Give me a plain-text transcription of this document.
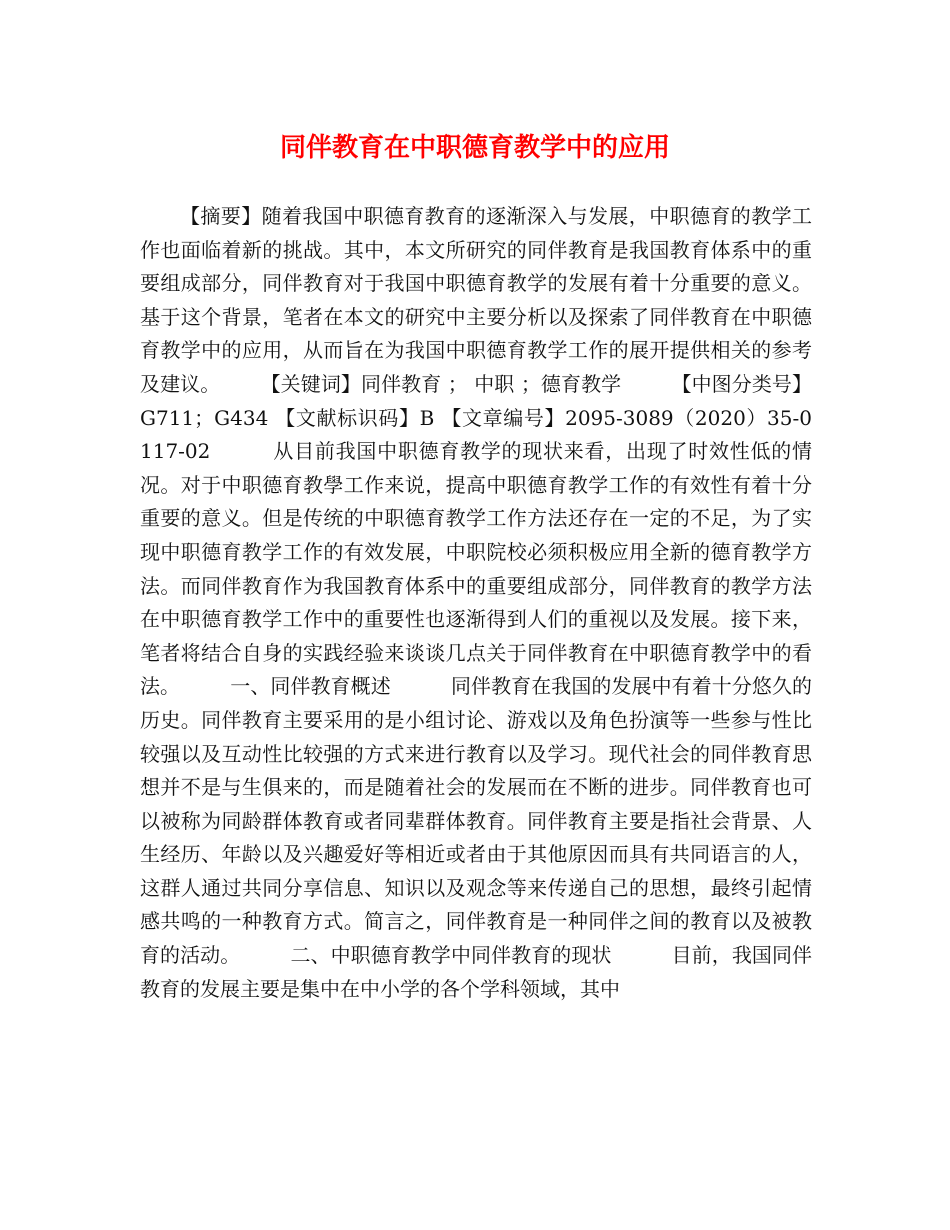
同伴教育在中职德育教学中的应用

【摘要】随着我国中职德育教育的逐渐深入与发展，中职德育的教学工作也面临着新的挑战。其中，本文所研究的同伴教育是我国教育体系中的重要组成部分，同伴教育对于我国中职德育教学的发展有着十分重要的意义。基于这个背景，笔者在本文的研究中主要分析以及探索了同伴教育在中职德育教学中的应用，从而旨在为我国中职德育教学工作的展开提供相关的参考及建议。　　　【关键词】同伴教育 ； 中职 ；德育教学　　　【中图分类号】G711；G434 【文献标识码】B 【文章编号】2095-3089（2020）35-0117-02　　　从目前我国中职德育教学的现状来看，出现了时效性低的情况。对于中职德育教學工作来说，提高中职德育教学工作的有效性有着十分重要的意义。但是传统的中职德育教学工作方法还存在一定的不足，为了实现中职德育教学工作的有效发展，中职院校必须积极应用全新的德育教学方法。而同伴教育作为我国教育体系中的重要组成部分，同伴教育的教学方法在中职德育教学工作中的重要性也逐渐得到人们的重视以及发展。接下来，笔者将结合自身的实践经验来谈谈几点关于同伴教育在中职德育教学中的看法。　　　一、同伴教育概述　　　同伴教育在我国的发展中有着十分悠久的历史。同伴教育主要采用的是小组讨论、游戏以及角色扮演等一些参与性比较强以及互动性比较强的方式来进行教育以及学习。现代社会的同伴教育思想并不是与生俱来的，而是随着社会的发展而在不断的进步。同伴教育也可以被称为同龄群体教育或者同辈群体教育。同伴教育主要是指社会背景、人生经历、年龄以及兴趣爱好等相近或者由于其他原因而具有共同语言的人，这群人通过共同分享信息、知识以及观念等来传递自己的思想，最终引起情感共鸣的一种教育方式。简言之，同伴教育是一种同伴之间的教育以及被教育的活动。　　　二、中职德育教学中同伴教育的现状　　　目前，我国同伴教育的发展主要是集中在中小学的各个学科领域，其中
